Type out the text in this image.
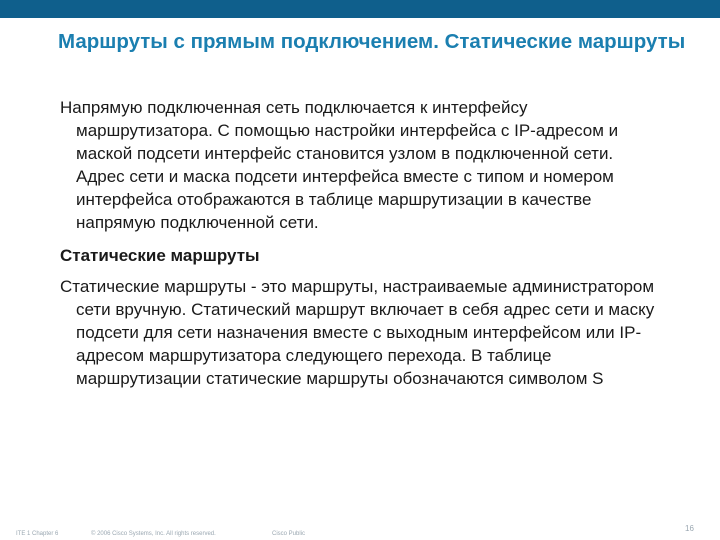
Маршруты с прямым подключением. Статические маршруты

Напрямую подключенная сеть подключается к интерфейсу маршрутизатора. С помощью настройки интерфейса с IP-адресом и маской подсети интерфейс становится узлом в подключенной сети. Адрес сети и маска подсети интерфейса вместе с типом и номером интерфейса отображаются в таблице маршрутизации в качестве напрямую подключенной сети.

Статические маршруты

Статические маршруты - это маршруты, настраиваемые администратором сети вручную. Статический маршрут включает в себя адрес сети и маску подсети для сети назначения вместе с выходным интерфейсом или IP-адресом маршрутизатора следующего перехода. В таблице маршрутизации статические маршруты обозначаются символом S

ITE 1 Chapter 6	© 2006 Cisco Systems, Inc. All rights reserved.	Cisco Public
16
